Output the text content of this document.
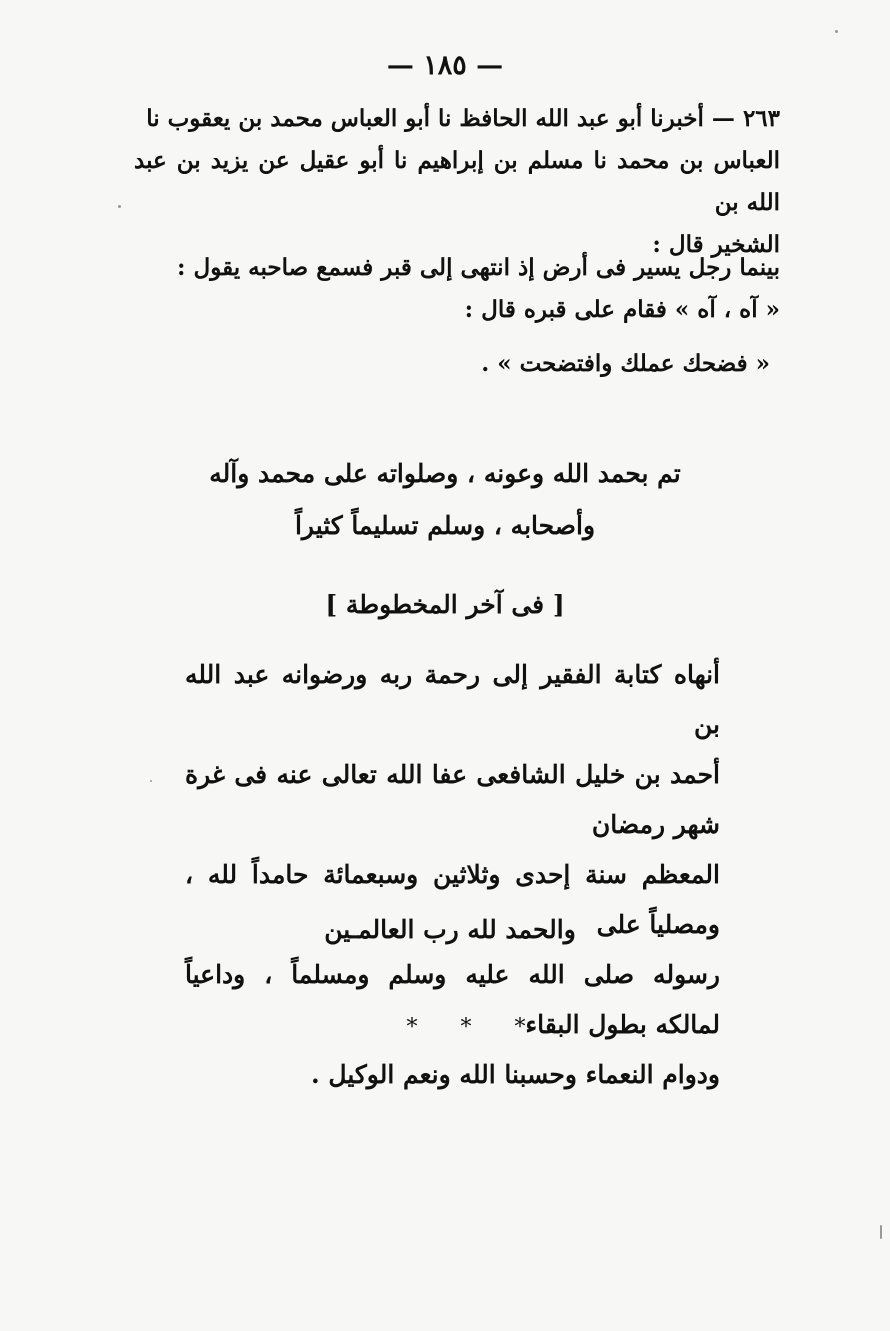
— ١٨٥ —
٢٦٣ — أخبرنا أبو عبد الله الحافظ نا أبو العباس محمد بن يعقوب نا
العباس بن محمد نا مسلم بن إبراهيم نا أبو عقيل عن يزيد بن عبد الله بن
الشخير قال :
بينما رجل يسير فى أرض إذ انتهى إلى قبر فسمع صاحبه يقول :
« آه ، آه » فقام على قبره قال :
« فضحك عملك وافتضحت » .
تم بحمد الله وعونه ، وصلواته على محمد وآله
وأصحابه ، وسلم تسليماً كثيراً
[ فى آخر المخطوطة ]
أنهاه كتابة الفقير إلى رحمة ربه ورضوانه عبد الله بن
أحمد بن خليل الشافعى عفا الله تعالى عنه فى غرة شهر رمضان
المعظم سنة إحدى وثلاثين وسبعمائة حامداً لله ، ومصلياً على
رسوله صلى الله عليه وسلم ومسلماً ، وداعياً لمالكه بطول البقاء
ودوام النعماء وحسبنا الله ونعم الوكيل .
والحمد لله رب العالمـين
* * *
